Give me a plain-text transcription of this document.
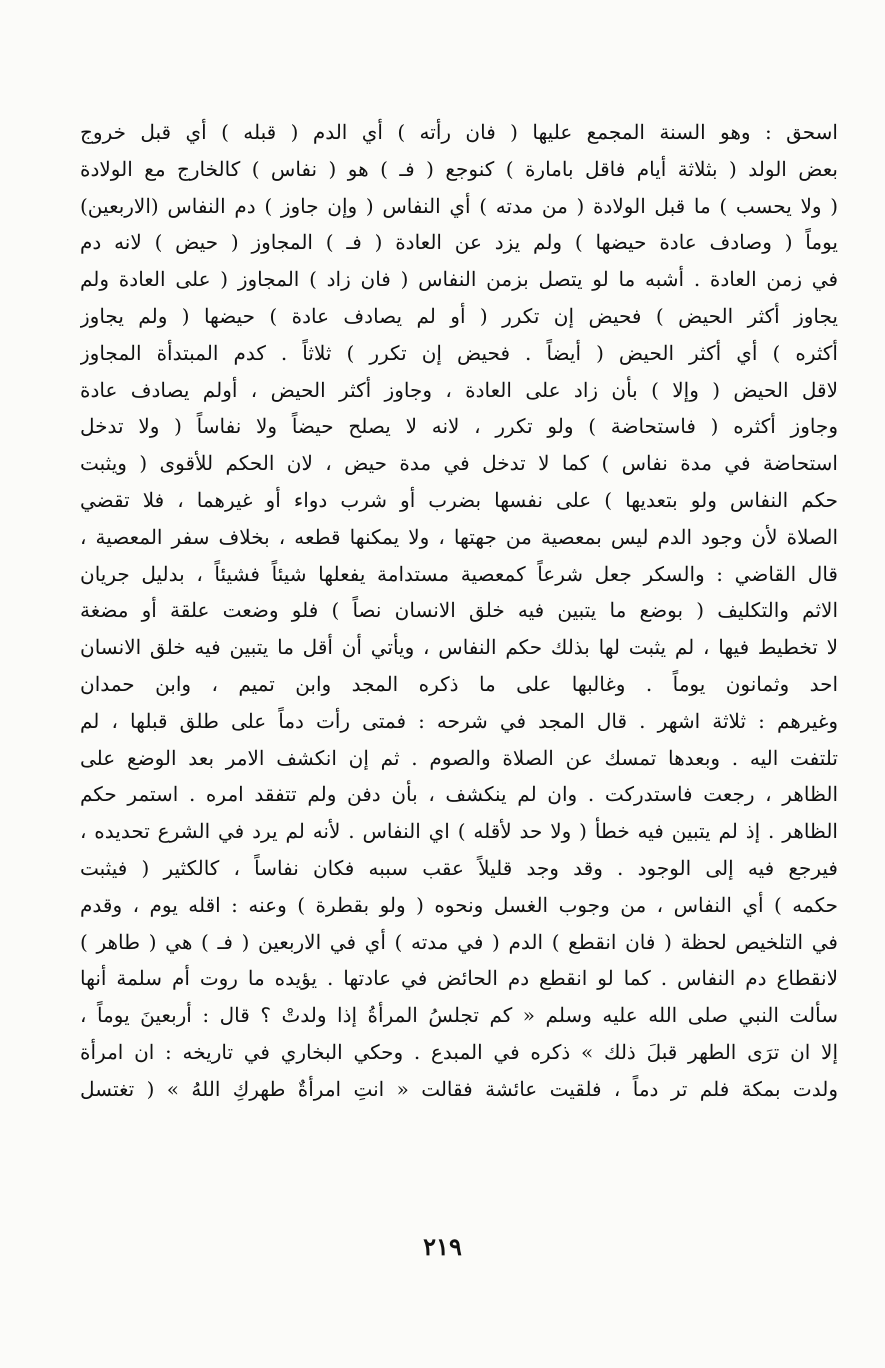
اسحق : وهو السنة المجمع عليها ( فان رأته ) أي الدم ( قبله ) أي قبل خروج
بعض الولد ( بثلاثة أيام فاقل بامارة ) كنوجع ( فـ ) هو ( نفاس ) كالخارج مع الولادة
( ولا يحسب ) ما قبل الولادة ( من مدته ) أي النفاس ( وإن جاوز ) دم النفاس (الاربعين)
يوماً ( وصادف عادة حيضها ) ولم يزد عن العادة ( فـ ) المجاوز ( حيض ) لانه دم
في زمن العادة . أشبه ما لو يتصل بزمن النفاس ( فان زاد ) المجاوز ( على العادة ولم
يجاوز أكثر الحيض ) فحيض إن تكرر ( أو لم يصادف عادة ) حيضها ( ولم يجاوز
أكثره ) أي أكثر الحيض ( أيضاً . فحيض إن تكرر ) ثلاثاً . كدم المبتدأة المجاوز
لاقل الحيض ( وإلا ) بأن زاد على العادة ، وجاوز أكثر الحيض ، أولم يصادف عادة
وجاوز أكثره ( فاستحاضة ) ولو تكرر ، لانه لا يصلح حيضاً ولا نفاساً ( ولا تدخل
استحاضة في مدة نفاس ) كما لا تدخل في مدة حيض ، لان الحكم للأقوى ( ويثبت
حكم النفاس ولو بتعديها ) على نفسها بضرب أو شرب دواء أو غيرهما ، فلا تقضي
الصلاة لأن وجود الدم ليس بمعصية من جهتها ، ولا يمكنها قطعه ، بخلاف سفر المعصية ،
قال القاضي : والسكر جعل شرعاً كمعصية مستدامة يفعلها شيئاً فشيئاً ، بدليل جريان
الاثم والتكليف ( بوضع ما يتبين فيه خلق الانسان نصاً ) فلو وضعت علقة أو مضغة
لا تخطيط فيها ، لم يثبت لها بذلك حكم النفاس ، ويأتي أن أقل ما يتبين فيه خلق الانسان
احد وثمانون يوماً . وغالبها على ما ذكره المجد وابن تميم ، وابن حمدان
وغيرهم : ثلاثة اشهر . قال المجد في شرحه : فمتى رأت دماً على طلق قبلها ، لم
تلتفت اليه . وبعدها تمسك عن الصلاة والصوم . ثم إن انكشف الامر بعد الوضع على
الظاهر ، رجعت فاستدركت . وان لم ينكشف ، بأن دفن ولم تتفقد امره . استمر حكم
الظاهر . إذ لم يتبين فيه خطأ ( ولا حد لأقله ) اي النفاس . لأنه لم يرد في الشرع تحديده ،
فيرجع فيه إلى الوجود . وقد وجد قليلاً عقب سببه فكان نفاساً ، كالكثير ( فيثبت
حكمه ) أي النفاس ، من وجوب الغسل ونحوه ( ولو بقطرة ) وعنه : اقله يوم ، وقدم
في التلخيص لحظة ( فان انقطع ) الدم ( في مدته ) أي في الاربعين ( فـ ) هي ( طاهر )
لانقطاع دم النفاس . كما لو انقطع دم الحائض في عادتها . يؤيده ما روت أم سلمة أنها
سألت النبي صلى الله عليه وسلم « كم تجلسُ المرأةُ إذا ولدتْ ؟ قال : أربعينَ يوماً ،
إلا ان ترَى الطهر قبلَ ذلك » ذكره في المبدع . وحكي البخاري في تاريخه : ان امرأة
ولدت بمكة فلم تر دماً ، فلقيت عائشة فقالت « انتِ امرأةٌ طهركِ اللهُ » ( تغتسل
٢١٩
